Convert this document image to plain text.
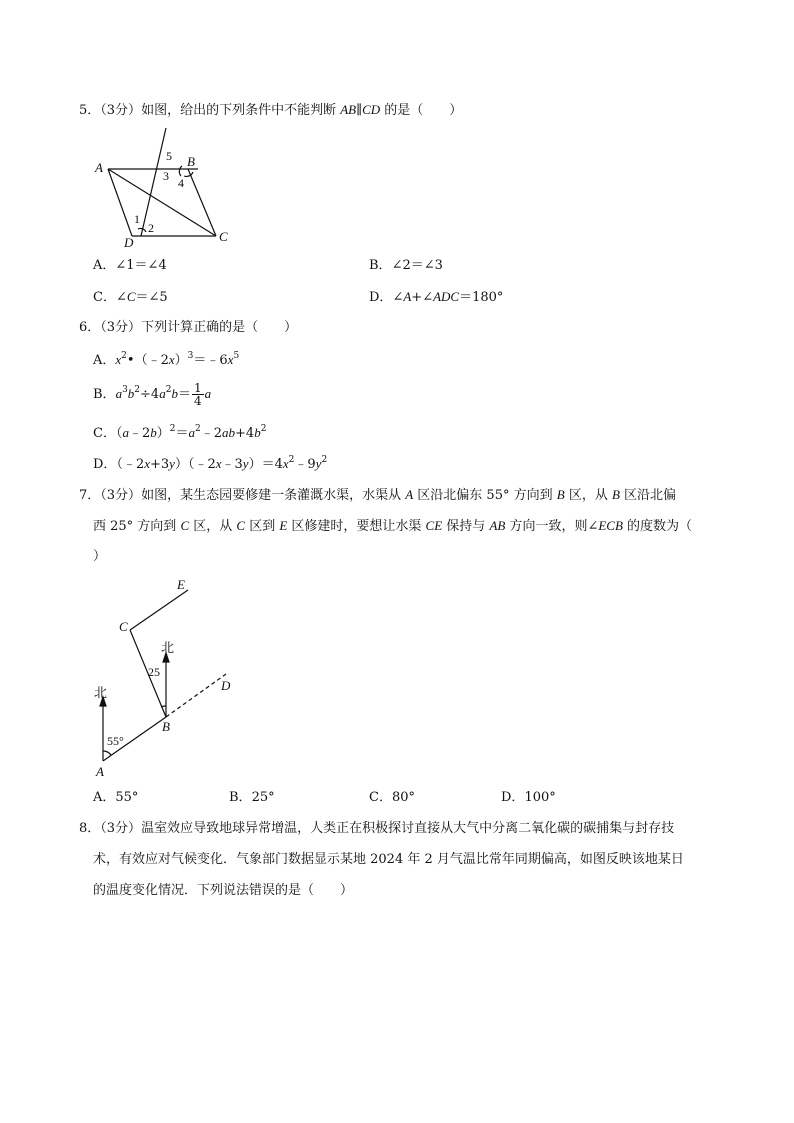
5．（3分）如图，给出的下列条件中不能判断 AB∥CD 的是（　　）
A	B
C
D
1
2
3 4
5
A．∠1＝∠4	B．∠2＝∠3
C．∠C＝∠5	D．∠A+∠ADC＝180°
6．（3分）下列计算正确的是（　　）
A．$x^2•(﹣2x)^3=﹣6x^5$
B．$a^3b^2\div 4a^2b= \frac{1}{4}$ a
C．$(a﹣2b)^2=a^2﹣2ab+4b^2$
D．$(﹣2x+3y)(﹣2x﹣3y)=4x^2﹣9y^2$
7．（3分）如图，某生态园要修建一条灌溉水渠，水渠从 A 区沿北偏东 55° 方向到 B 区，从 B 区沿北偏
西 25° 方向到 C 区，从 C 区到 E 区修建时，要想让水渠 CE 保持与 AB 方向一致，则∠ECB 的度数为（
）
北
北
55°
25
A
B
C
D
E
A．55°	B．25°	C．80°	D．100°
8．（3分）温室效应导致地球异常增温，人类正在积极探讨直接从大气中分离二氧化碳的碳捕集与封存技
术，有效应对气候变化．气象部门数据显示某地 2024 年 2 月气温比常年同期偏高，如图反映该地某日
的温度变化情况．下列说法错误的是（　　）
